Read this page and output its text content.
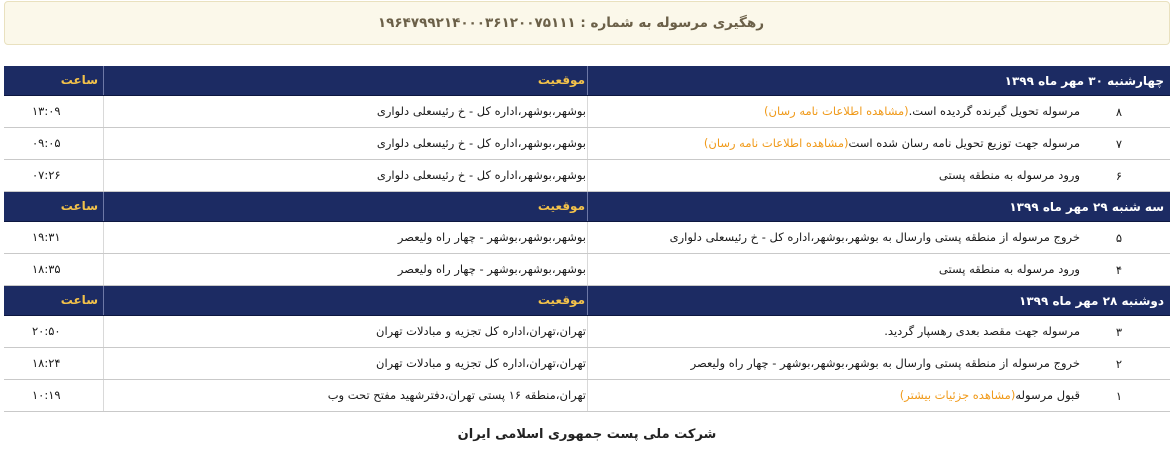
رهگیری مرسوله به شماره : ۱۹۶۴۷۹۹۲۱۴۰۰۰۳۶۱۲۰۰۷۵۱۱۱
چهارشنبه ۳۰ مهر ماه ۱۳۹۹
موقعیت
ساعت
۸
مرسوله تحویل گیرنده گردیده است.(مشاهده اطلاعات نامه رسان)
بوشهر،بوشهر،اداره کل - خ رئیسعلی دلواری
۱۳:۰۹
۷
مرسوله جهت توزیع تحویل نامه رسان شده است(مشاهده اطلاعات نامه رسان)
بوشهر،بوشهر،اداره کل - خ رئیسعلی دلواری
۰۹:۰۵
۶
ورود مرسوله به منطقه پستی
بوشهر،بوشهر،اداره کل - خ رئیسعلی دلواری
۰۷:۲۶
سه شنبه ۲۹ مهر ماه ۱۳۹۹
موقعیت
ساعت
۵
خروج مرسوله از منطقه پستی وارسال به بوشهر،بوشهر،اداره کل - خ رئیسعلی دلواری
بوشهر،بوشهر،بوشهر - چهار راه ولیعصر
۱۹:۳۱
۴
ورود مرسوله به منطقه پستی
بوشهر،بوشهر،بوشهر - چهار راه ولیعصر
۱۸:۳۵
دوشنبه ۲۸ مهر ماه ۱۳۹۹
موقعیت
ساعت
۳
مرسوله جهت مقصد بعدی رهسپار گردید.
تهران،تهران،اداره کل تجزیه و مبادلات تهران
۲۰:۵۰
۲
خروج مرسوله از منطقه پستی وارسال به بوشهر،بوشهر،بوشهر - چهار راه ولیعصر
تهران،تهران،اداره کل تجزیه و مبادلات تهران
۱۸:۲۴
۱
قبول مرسوله(مشاهده جزئیات بیشتر)
تهران،منطقه ۱۶ پستی تهران،دفترشهید مفتح تحت وب
۱۰:۱۹
شرکت ملی پست جمهوری اسلامی ایران
